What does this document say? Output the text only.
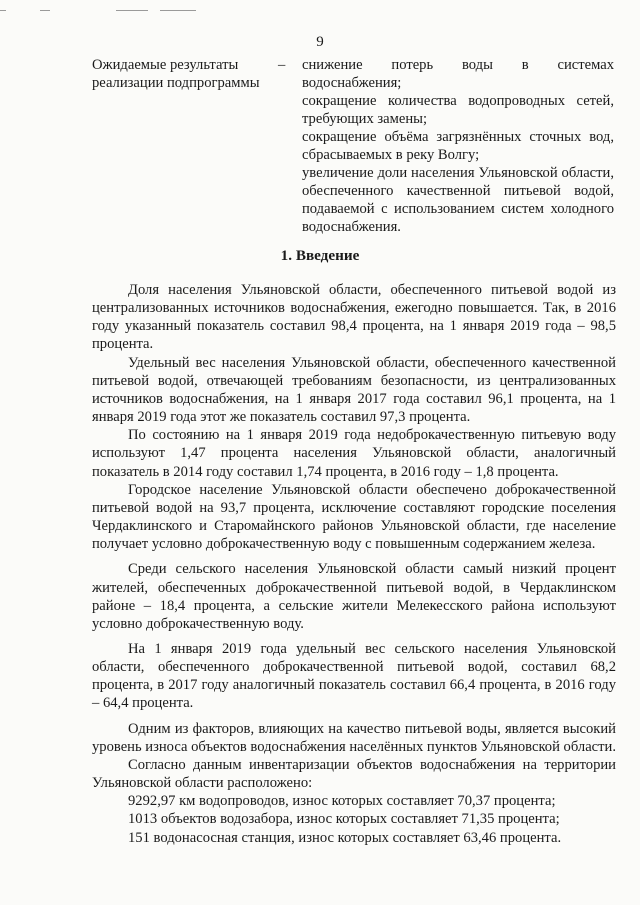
9
Ожидаемые результаты реализации подпрограммы
– снижение потерь воды в системах водоснабжения;
сокращение количества водопроводных сетей, требующих замены;
сокращение объёма загрязнённых сточных вод, сбрасываемых в реку Волгу;
увеличение доли населения Ульяновской области, обеспеченного качественной питьевой водой, подаваемой с использованием систем холодного водоснабжения.
1. Введение

Доля населения Ульяновской области, обеспеченного питьевой водой из централизованных источников водоснабжения, ежегодно повышается. Так, в 2016 году указанный показатель составил 98,4 процента, на 1 января 2019 года – 98,5 процента.

Удельный вес населения Ульяновской области, обеспеченного качественной питьевой водой, отвечающей требованиям безопасности, из централизованных источников водоснабжения, на 1 января 2017 года составил 96,1 процента, на 1 января 2019 года этот же показатель составил 97,3 процента.

По состоянию на 1 января 2019 года недоброкачественную питьевую воду используют 1,47 процента населения Ульяновской области, аналогичный показатель в 2014 году составил 1,74 процента, в 2016 году – 1,8 процента.

Городское население Ульяновской области обеспечено доброкачественной питьевой водой на 93,7 процента, исключение составляют городские поселения Чердаклинского и Старомайнского районов Ульяновской области, где население получает условно доброкачественную воду с повышенным содержанием железа.

Среди сельского населения Ульяновской области самый низкий процент жителей, обеспеченных доброкачественной питьевой водой, в Чердаклинском районе – 18,4 процента, а сельские жители Мелекесского района используют условно доброкачественную воду.

На 1 января 2019 года удельный вес сельского населения Ульяновской области, обеспеченного доброкачественной питьевой водой, составил 68,2 процента, в 2017 году аналогичный показатель составил 66,4 процента, в 2016 году – 64,4 процента.

Одним из факторов, влияющих на качество питьевой воды, является высокий уровень износа объектов водоснабжения населённых пунктов Ульяновской области.

Согласно данным инвентаризации объектов водоснабжения на территории Ульяновской области расположено:

9292,97 км водопроводов, износ которых составляет 70,37 процента;
1013 объектов водозабора, износ которых составляет 71,35 процента;
151 водонасосная станция, износ которых составляет 63,46 процента.
